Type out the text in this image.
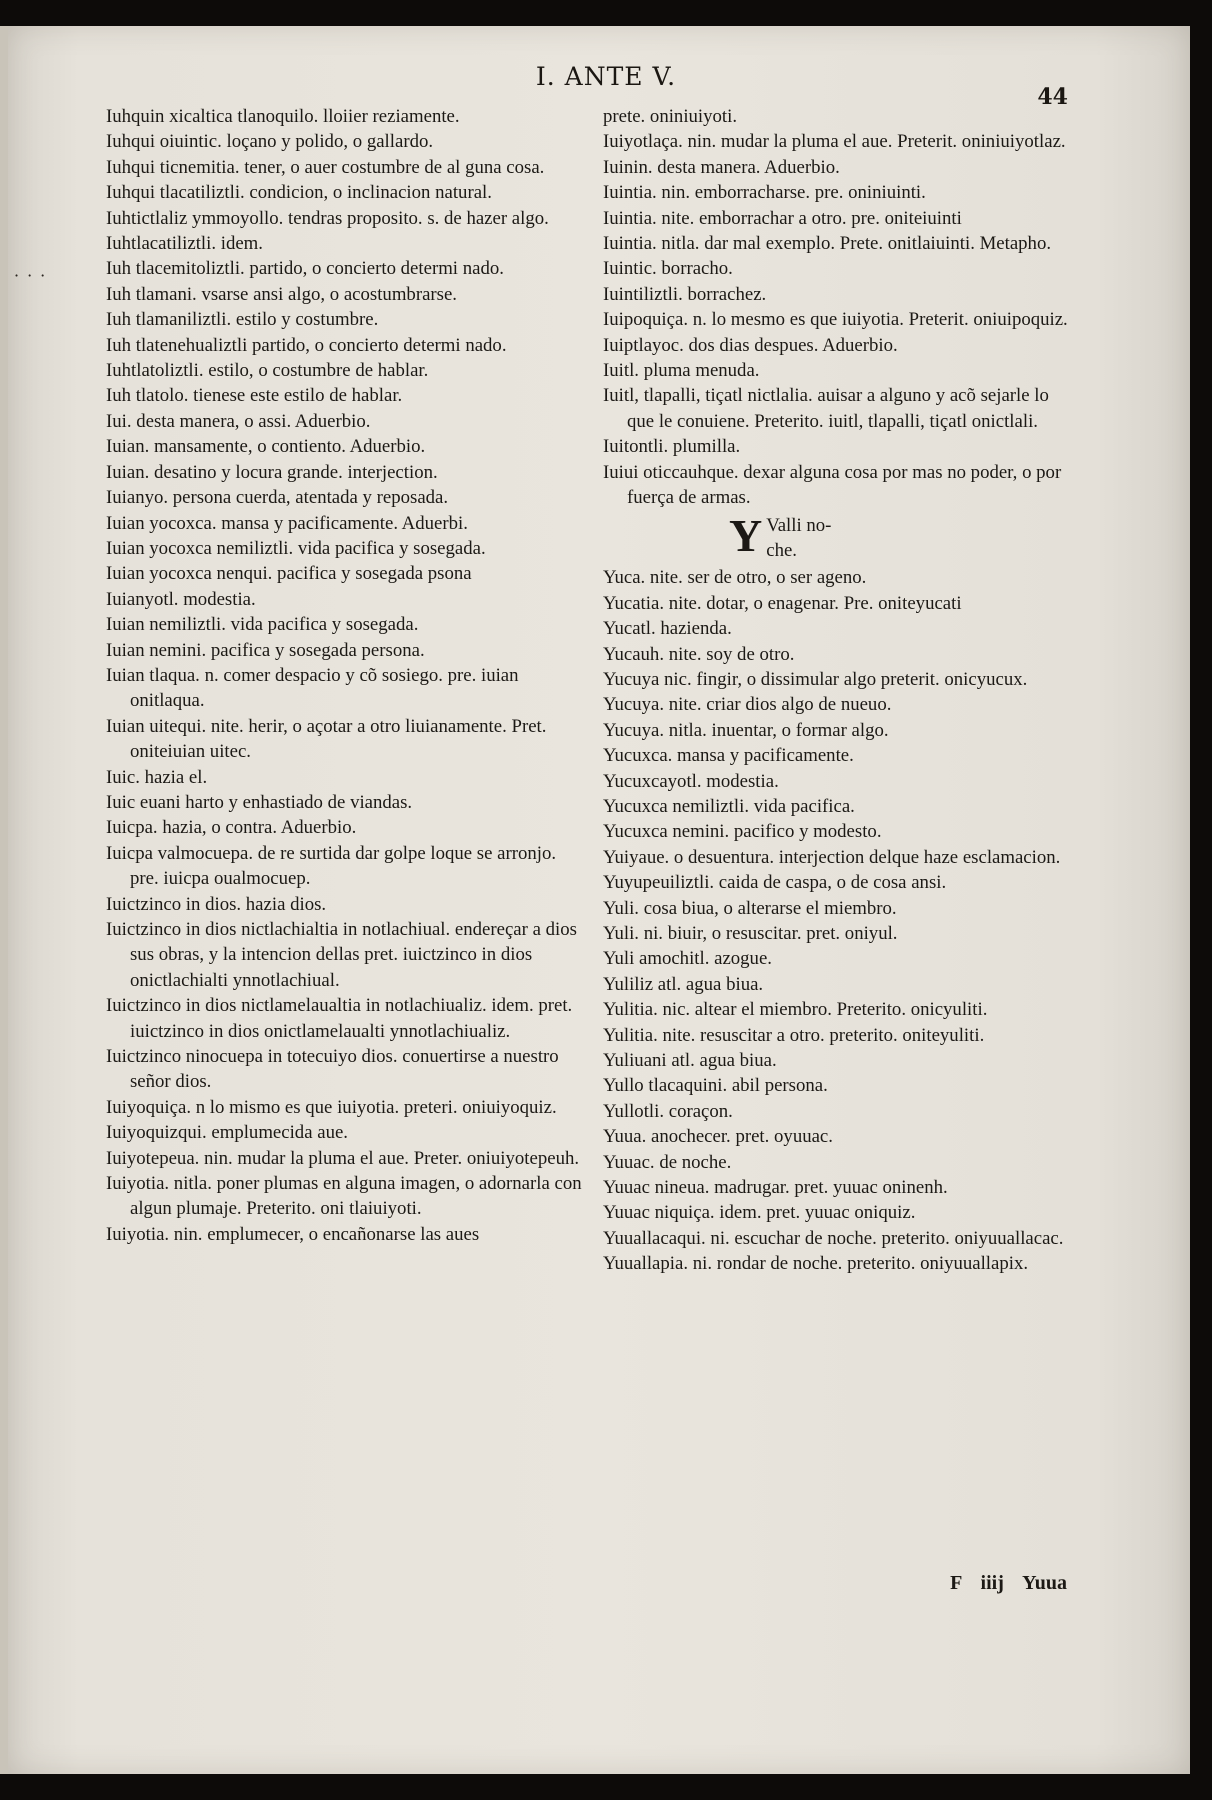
···
I. ANTE V.
44
Iuhquin xicaltica tlanoquilo. lloiier reziamente.
Iuhqui oiuintic. loçano y polido, o gallardo.
Iuhqui ticnemitia. tener, o auer costumbre de al guna cosa.
Iuhqui tlacatiliztli. condicion, o inclinacion natural.
Iuhtictlaliz ymmoyollo. tendras proposito. s. de hazer algo.
Iuhtlacatiliztli. idem.
Iuh tlacemitoliztli. partido, o concierto determi nado.
Iuh tlamani. vsarse ansi algo, o acostumbrarse.
Iuh tlamaniliztli. estilo y costumbre.
Iuh tlatenehualiztli partido, o concierto determi nado.
Iuhtlatoliztli. estilo, o costumbre de hablar.
Iuh tlatolo. tienese este estilo de hablar.
Iui. desta manera, o assi. Aduerbio.
Iuian. mansamente, o contiento. Aduerbio.
Iuian. desatino y locura grande. interjection.
Iuianyo. persona cuerda, atentada y reposada.
Iuian yocoxca. mansa y pacificamente. Aduerbi.
Iuian yocoxca nemiliztli. vida pacifica y sosegada.
Iuian yocoxca nenqui. pacifica y sosegada psona
Iuianyotl. modestia.
Iuian nemiliztli. vida pacifica y sosegada.
Iuian nemini. pacifica y sosegada persona.
Iuian tlaqua. n. comer despacio y cõ sosiego. pre. iuian onitlaqua.
Iuian uitequi. nite. herir, o açotar a otro liuianamente. Pret. oniteiuian uitec.
Iuic. hazia el.
Iuic euani harto y enhastiado de viandas.
Iuicpa. hazia, o contra. Aduerbio.
Iuicpa valmocuepa. de re surtida dar golpe loque se arronjo. pre. iuicpa oualmocuep.
Iuictzinco in dios. hazia dios.
Iuictzinco in dios nictlachialtia in notlachiual. endereçar a dios sus obras, y la intencion dellas pret. iuictzinco in dios onictlachialti ynnotlachiual.
Iuictzinco in dios nictlamelaualtia in notlachiualiz. idem. pret. iuictzinco in dios onictlamelaualti ynnotlachiualiz.
Iuictzinco ninocuepa in totecuiyo dios. conuertirse a nuestro señor dios.
Iuiyoquiça. n lo mismo es que iuiyotia. preteri. oniuiyoquiz.
Iuiyoquizqui. emplumecida aue.
Iuiyotepeua. nin. mudar la pluma el aue. Preter. oniuiyotepeuh.
Iuiyotia. nitla. poner plumas en alguna imagen, o adornarla con algun plumaje. Preterito. oni tlaiuiyoti.
Iuiyotia. nin. emplumecer, o encañonarse las aues
prete. oniniuiyoti.
Iuiyotlaça. nin. mudar la pluma el aue. Preterit. oniniuiyotlaz.
Iuinin. desta manera. Aduerbio.
Iuintia. nin. emborracharse. pre. oniniuinti.
Iuintia. nite. emborrachar a otro. pre. oniteiuinti
Iuintia. nitla. dar mal exemplo. Prete. onitlaiuinti. Metapho.
Iuintic. borracho.
Iuintiliztli. borrachez.
Iuipoquiça. n. lo mesmo es que iuiyotia. Preterit. oniuipoquiz.
Iuiptlayoc. dos dias despues. Aduerbio.
Iuitl. pluma menuda.
Iuitl, tlapalli, tiçatl nictlalia. auisar a alguno y acõ sejarle lo que le conuiene. Preterito. iuitl, tlapalli, tiçatl onictlali.
Iuitontli. plumilla.
Iuiui oticcauhque. dexar alguna cosa por mas no poder, o por fuerça de armas.
Y Valli no-
che.
Yuca. nite. ser de otro, o ser ageno.
Yucatia. nite. dotar, o enagenar. Pre. oniteyucati
Yucatl. hazienda.
Yucauh. nite. soy de otro.
Yucuya nic. fingir, o dissimular algo preterit. onicyucux.
Yucuya. nite. criar dios algo de nueuo.
Yucuya. nitla. inuentar, o formar algo.
Yucuxca. mansa y pacificamente.
Yucuxcayotl. modestia.
Yucuxca nemiliztli. vida pacifica.
Yucuxca nemini. pacifico y modesto.
Yuiyaue. o desuentura. interjection delque haze esclamacion.
Yuyupeuiliztli. caida de caspa, o de cosa ansi.
Yuli. cosa biua, o alterarse el miembro.
Yuli. ni. biuir, o resuscitar. pret. oniyul.
Yuli amochitl. azogue.
Yuliliz atl. agua biua.
Yulitia. nic. altear el miembro. Preterito. onicyuliti.
Yulitia. nite. resuscitar a otro. preterito. oniteyuliti.
Yuliuani atl. agua biua.
Yullo tlacaquini. abil persona.
Yullotli. coraçon.
Yuua. anochecer. pret. oyuuac.
Yuuac. de noche.
Yuuac nineua. madrugar. pret. yuuac oninenh.
Yuuac niquiça. idem. pret. yuuac oniquiz.
Yuuallacaqui. ni. escuchar de noche. preterito. oniyuuallacac.
Yuuallapia. ni. rondar de noche. preterito. oniyuuallapix.
F iiij Yuua
